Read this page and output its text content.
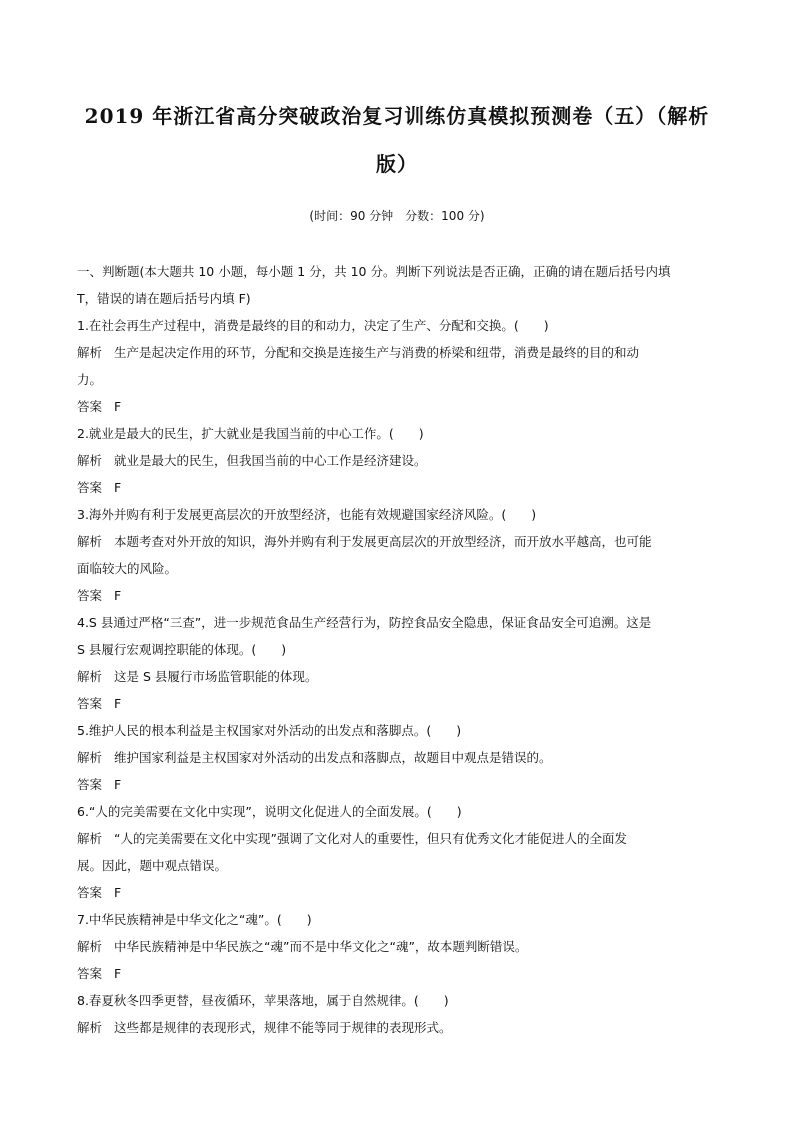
2019 年浙江省高分突破政治复习训练仿真模拟预测卷（五）（解析
版）
(时间：90 分钟　分数：100 分)

一、判断题(本大题共 10 小题，每小题 1 分，共 10 分。判断下列说法是否正确，正确的请在题后括号内填

T，错误的请在题后括号内填 F)

1.在社会再生产过程中，消费是最终的目的和动力，决定了生产、分配和交换。(　　)

解析 生产是起决定作用的环节，分配和交换是连接生产与消费的桥梁和纽带，消费是最终的目的和动

力。

答案 F

2.就业是最大的民生，扩大就业是我国当前的中心工作。(　　)

解析 就业是最大的民生，但我国当前的中心工作是经济建设。

答案 F

3.海外并购有利于发展更高层次的开放型经济，也能有效规避国家经济风险。(　　)

解析 本题考查对外开放的知识，海外并购有利于发展更高层次的开放型经济，而开放水平越高，也可能

面临较大的风险。

答案 F

4.S 县通过严格“三查”，进一步规范食品生产经营行为，防控食品安全隐患，保证食品安全可追溯。这是

S 县履行宏观调控职能的体现。(　　)

解析 这是 S 县履行市场监管职能的体现。

答案 F

5.维护人民的根本利益是主权国家对外活动的出发点和落脚点。(　　)

解析 维护国家利益是主权国家对外活动的出发点和落脚点，故题目中观点是错误的。

答案 F

6.“人的完美需要在文化中实现”，说明文化促进人的全面发展。(　　)

解析 “人的完美需要在文化中实现”强调了文化对人的重要性，但只有优秀文化才能促进人的全面发

展。因此，题中观点错误。

答案 F

7.中华民族精神是中华文化之“魂”。(　　)

解析 中华民族精神是中华民族之“魂”而不是中华文化之“魂”，故本题判断错误。

答案 F

8.春夏秋冬四季更替，昼夜循环，苹果落地，属于自然规律。(　　)

解析 这些都是规律的表现形式，规律不能等同于规律的表现形式。
